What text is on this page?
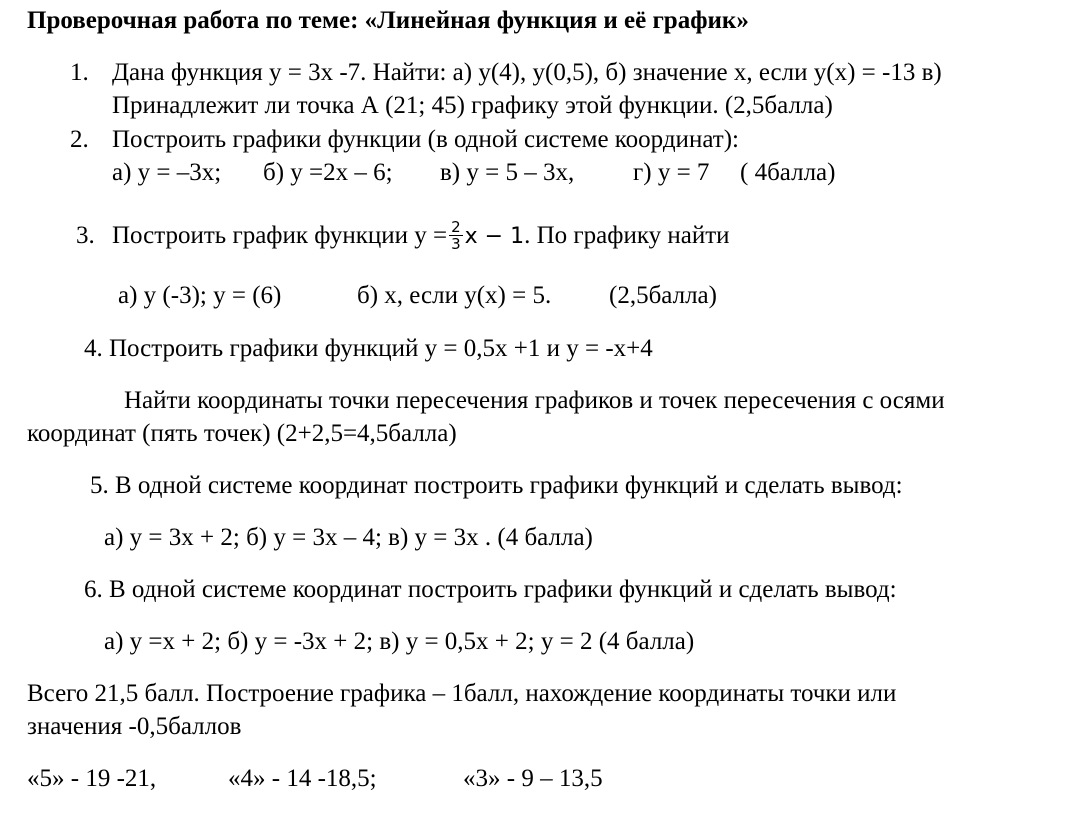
Проверочная работа по теме: «Линейная функция и её график»
1. Дана функция у = 3х -7. Найти: а) у(4), у(0,5), б) значение х, если у(х) = -13 в)
Принадлежит ли точка А (21; 45) графику этой функции. (2,5балла)
2. Построить графики функции (в одной системе координат):
а) у = –3х; б) у =2х – 6; в) у = 5 – 3х, г) у = 7 ( 4балла)
3. Построить график функции $у = \frac{2}{3}$ x − 1. По графику найти
а) у (-3); у = (6)	б) х, если у(х) = 5. (2,5балла)
4. Построить графики функций у = 0,5х +1 и у = -х+4
Найти координаты точки пересечения графиков и точек пересечения с осями
координат (пять точек) (2+2,5=4,5балла)
5. В одной системе координат построить графики функций и сделать вывод:
а) у = 3х + 2; б) у = 3х – 4; в) у = 3х . (4 балла)
6. В одной системе координат построить графики функций и сделать вывод:
а) у =х + 2; б) у = -3х + 2; в) у = 0,5х + 2; у = 2 (4 балла)
Всего 21,5 балл. Построение графика – 1балл, нахождение координаты точки или
значения -0,5баллов
«5» - 19 -21,	«4» - 14 -18,5;	«3» - 9 – 13,5
